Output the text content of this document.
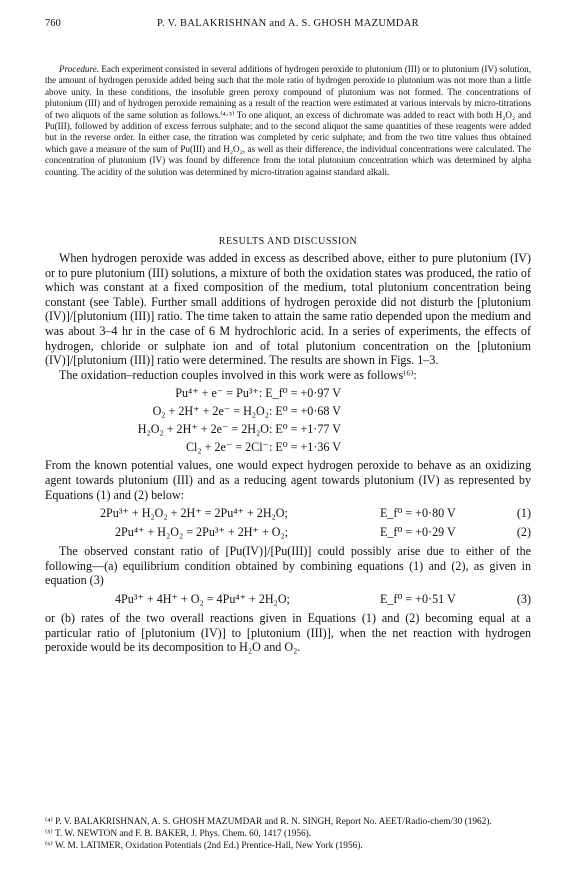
760	P. V. BALAKRISHNAN and A. S. GHOSH MAZUMDAR

Procedure. Each experiment consisted in several additions of hydrogen peroxide to plutonium (III) or to plutonium (IV) solution, the amount of hydrogen peroxide added being such that the mole ratio of hydrogen peroxide to plutonium was not more than a little above unity. In these conditions, the insoluble green peroxy compound of plutonium was not formed. The concentrations of plutonium (III) and of hydrogen peroxide remaining as a result of the reaction were estimated at various intervals by micro-titrations of two aliquots of the same solution as follows.⁽⁴·⁵⁾ To one aliquot, an excess of dichromate was added to react with both H₂O₂ and Pu(III), followed by addition of excess ferrous sulphate; and to the second aliquot the same quantities of these reagents were added but in the reverse order. In either case, the titration was completed by ceric sulphate; and from the two titre values thus obtained which gave a measure of the sum of Pu(III) and H₂O₂, as well as their difference, the individual concentrations were calculated. The concentration of plutonium (IV) was found by difference from the total plutonium concentration which was determined by alpha counting. The acidity of the solution was determined by micro-titration against standard alkali.

RESULTS AND DISCUSSION

When hydrogen peroxide was added in excess as described above, either to pure plutonium (IV) or to pure plutonium (III) solutions, a mixture of both the oxidation states was produced, the ratio of which was constant at a fixed composition of the medium, total plutonium concentration being constant (see Table). Further small additions of hydrogen peroxide did not disturb the [plutonium (IV)]/[plutonium (III)] ratio. The time taken to attain the same ratio depended upon the medium and was about 3–4 hr in the case of 6 M hydrochloric acid. In a series of experiments, the effects of hydrogen, chloride or sulphate ion and of total plutonium concentration on the [plutonium (IV)]/[plutonium (III)] ratio were determined. The results are shown in Figs. 1–3.

The oxidation–reduction couples involved in this work were as follows⁽⁶⁾:

Pu⁴⁺ + e⁻ = Pu³⁺: E_f⁰ = +0·97 V
O₂ + 2H⁺ + 2e⁻ = H₂O₂: E⁰ = +0·68 V
H₂O₂ + 2H⁺ + 2e⁻ = 2H₂O: E⁰ = +1·77 V
Cl₂ + 2e⁻ = 2Cl⁻: E⁰ = +1·36 V

From the known potential values, one would expect hydrogen peroxide to behave as an oxidizing agent towards plutonium (III) and as a reducing agent towards plutonium (IV) as represented by Equations (1) and (2) below:

2Pu³⁺ + H₂O₂ + 2H⁺ = 2Pu⁴⁺ + 2H₂O;	E_f⁰ = +0·80 V	(1)
2Pu⁴⁺ + H₂O₂ = 2Pu³⁺ + 2H⁺ + O₂;	E_f⁰ = +0·29 V	(2)

The observed constant ratio of [Pu(IV)]/[Pu(III)] could possibly arise due to either of the following—(a) equilibrium condition obtained by combining equations (1) and (2), as given in equation (3)

4Pu³⁺ + 4H⁺ + O₂ = 4Pu⁴⁺ + 2H₂O;	E_f⁰ = +0·51 V	(3)

or (b) rates of the two overall reactions given in Equations (1) and (2) becoming equal at a particular ratio of [plutonium (IV)] to [plutonium (III)], when the net reaction with hydrogen peroxide would be its decomposition to H₂O and O₂.

⁽⁴⁾ P. V. BALAKRISHNAN, A. S. GHOSH MAZUMDAR and R. N. SINGH, Report No. AEET/Radio-chem/30 (1962).
⁽⁵⁾ T. W. NEWTON and F. B. BAKER, J. Phys. Chem. 60, 1417 (1956).
⁽⁶⁾ W. M. LATIMER, Oxidation Potentials (2nd Ed.) Prentice-Hall, New York (1956).
